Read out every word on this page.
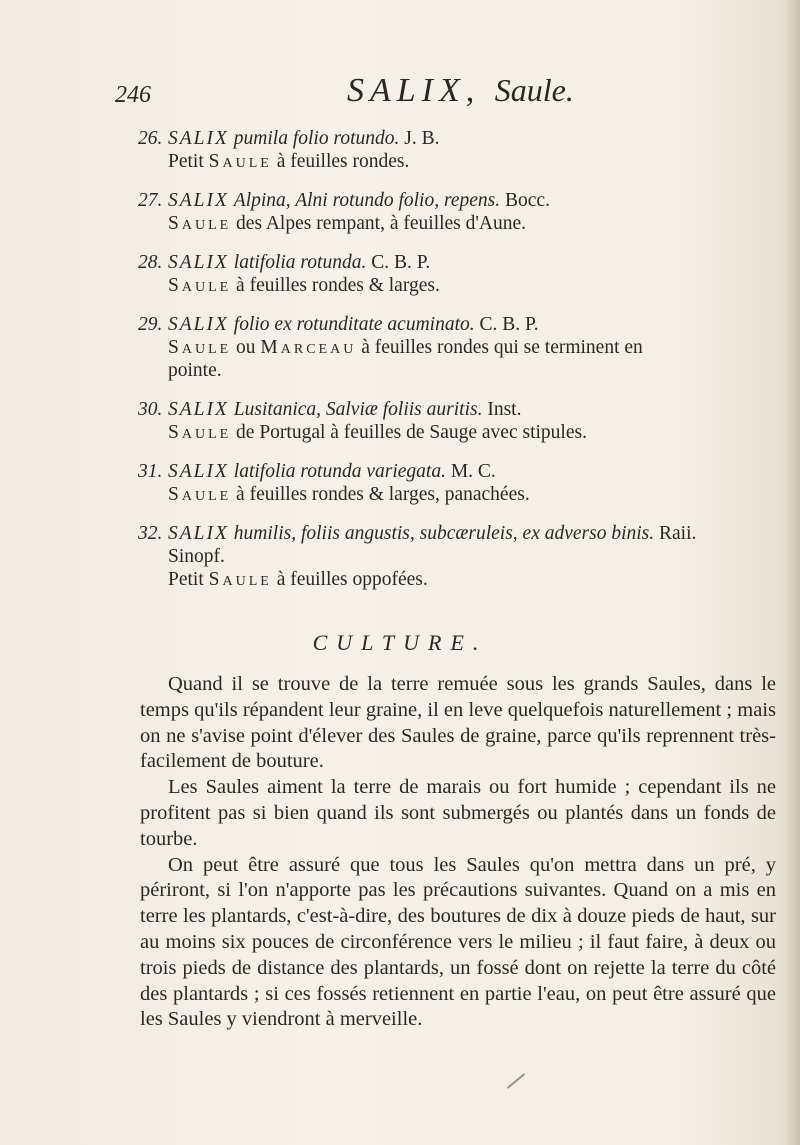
246	SALIX, Saule.
26. SALIX pumila folio rotundo. J. B.
Petit Saule à feuilles rondes.
27. SALIX Alpina, Alni rotundo folio, repens. Bocc.
Saule des Alpes rempant, à feuilles d'Aune.
28. SALIX latifolia rotunda. C. B. P.
Saule à feuilles rondes & larges.
29. SALIX folio ex rotunditate acuminato. C. B. P.
Saule ou Marceau à feuilles rondes qui se terminent en
pointe.
30. SALIX Lusitanica, Salviæ foliis auritis. Inst.
Saule de Portugal à feuilles de Sauge avec stipules.
31. SALIX latifolia rotunda variegata. M. C.
Saule à feuilles rondes & larges, panachées.
32. SALIX humilis, foliis angustis, subcæruleis, ex adverso binis. Raii.
Sinopf.
Petit Saule à feuilles oppofées.
CULTURE.

Quand il se trouve de la terre remuée sous les grands Saules, dans le temps qu'ils répandent leur graine, il en leve quelquefois naturellement ; mais on ne s'avise point d'élever des Saules de graine, parce qu'ils reprennent très-facilement de bouture.

Les Saules aiment la terre de marais ou fort humide ; cependant ils ne profitent pas si bien quand ils sont submergés ou plantés dans un fonds de tourbe.

On peut être assuré que tous les Saules qu'on mettra dans un pré, y périront, si l'on n'apporte pas les précautions suivantes. Quand on a mis en terre les plantards, c'est-à-dire, des boutures de dix à douze pieds de haut, sur au moins six pouces de circonférence vers le milieu ; il faut faire, à deux ou trois pieds de distance des plantards, un fossé dont on rejette la terre du côté des plantards ; si ces fossés retiennent en partie l'eau, on peut être assuré que les Saules y viendront à merveille.
